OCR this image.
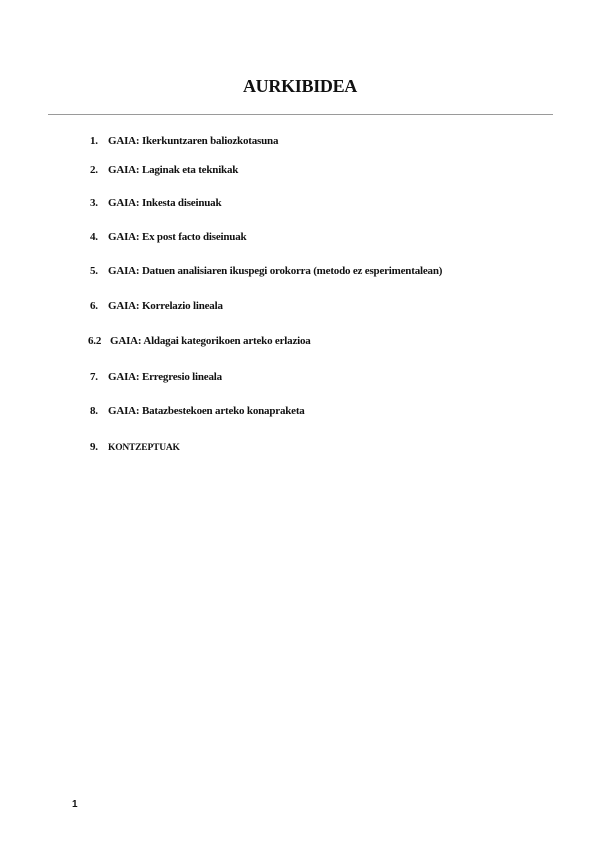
AURKIBIDEA
1. GAIA: Ikerkuntzaren baliozkotasuna
2. GAIA: Laginak eta teknikak
3. GAIA: Inkesta diseinuak
4. GAIA: Ex post facto diseinuak
5. GAIA: Datuen analisiaren ikuspegi orokorra (metodo ez esperimentalean)
6. GAIA: Korrelazio lineala
6.2 GAIA: Aldagai kategorikoen arteko erlazioa
7. GAIA: Erregresio lineala
8. GAIA: Batazbestekoen arteko konapraketa
9. KONTZEPTUAK
1
